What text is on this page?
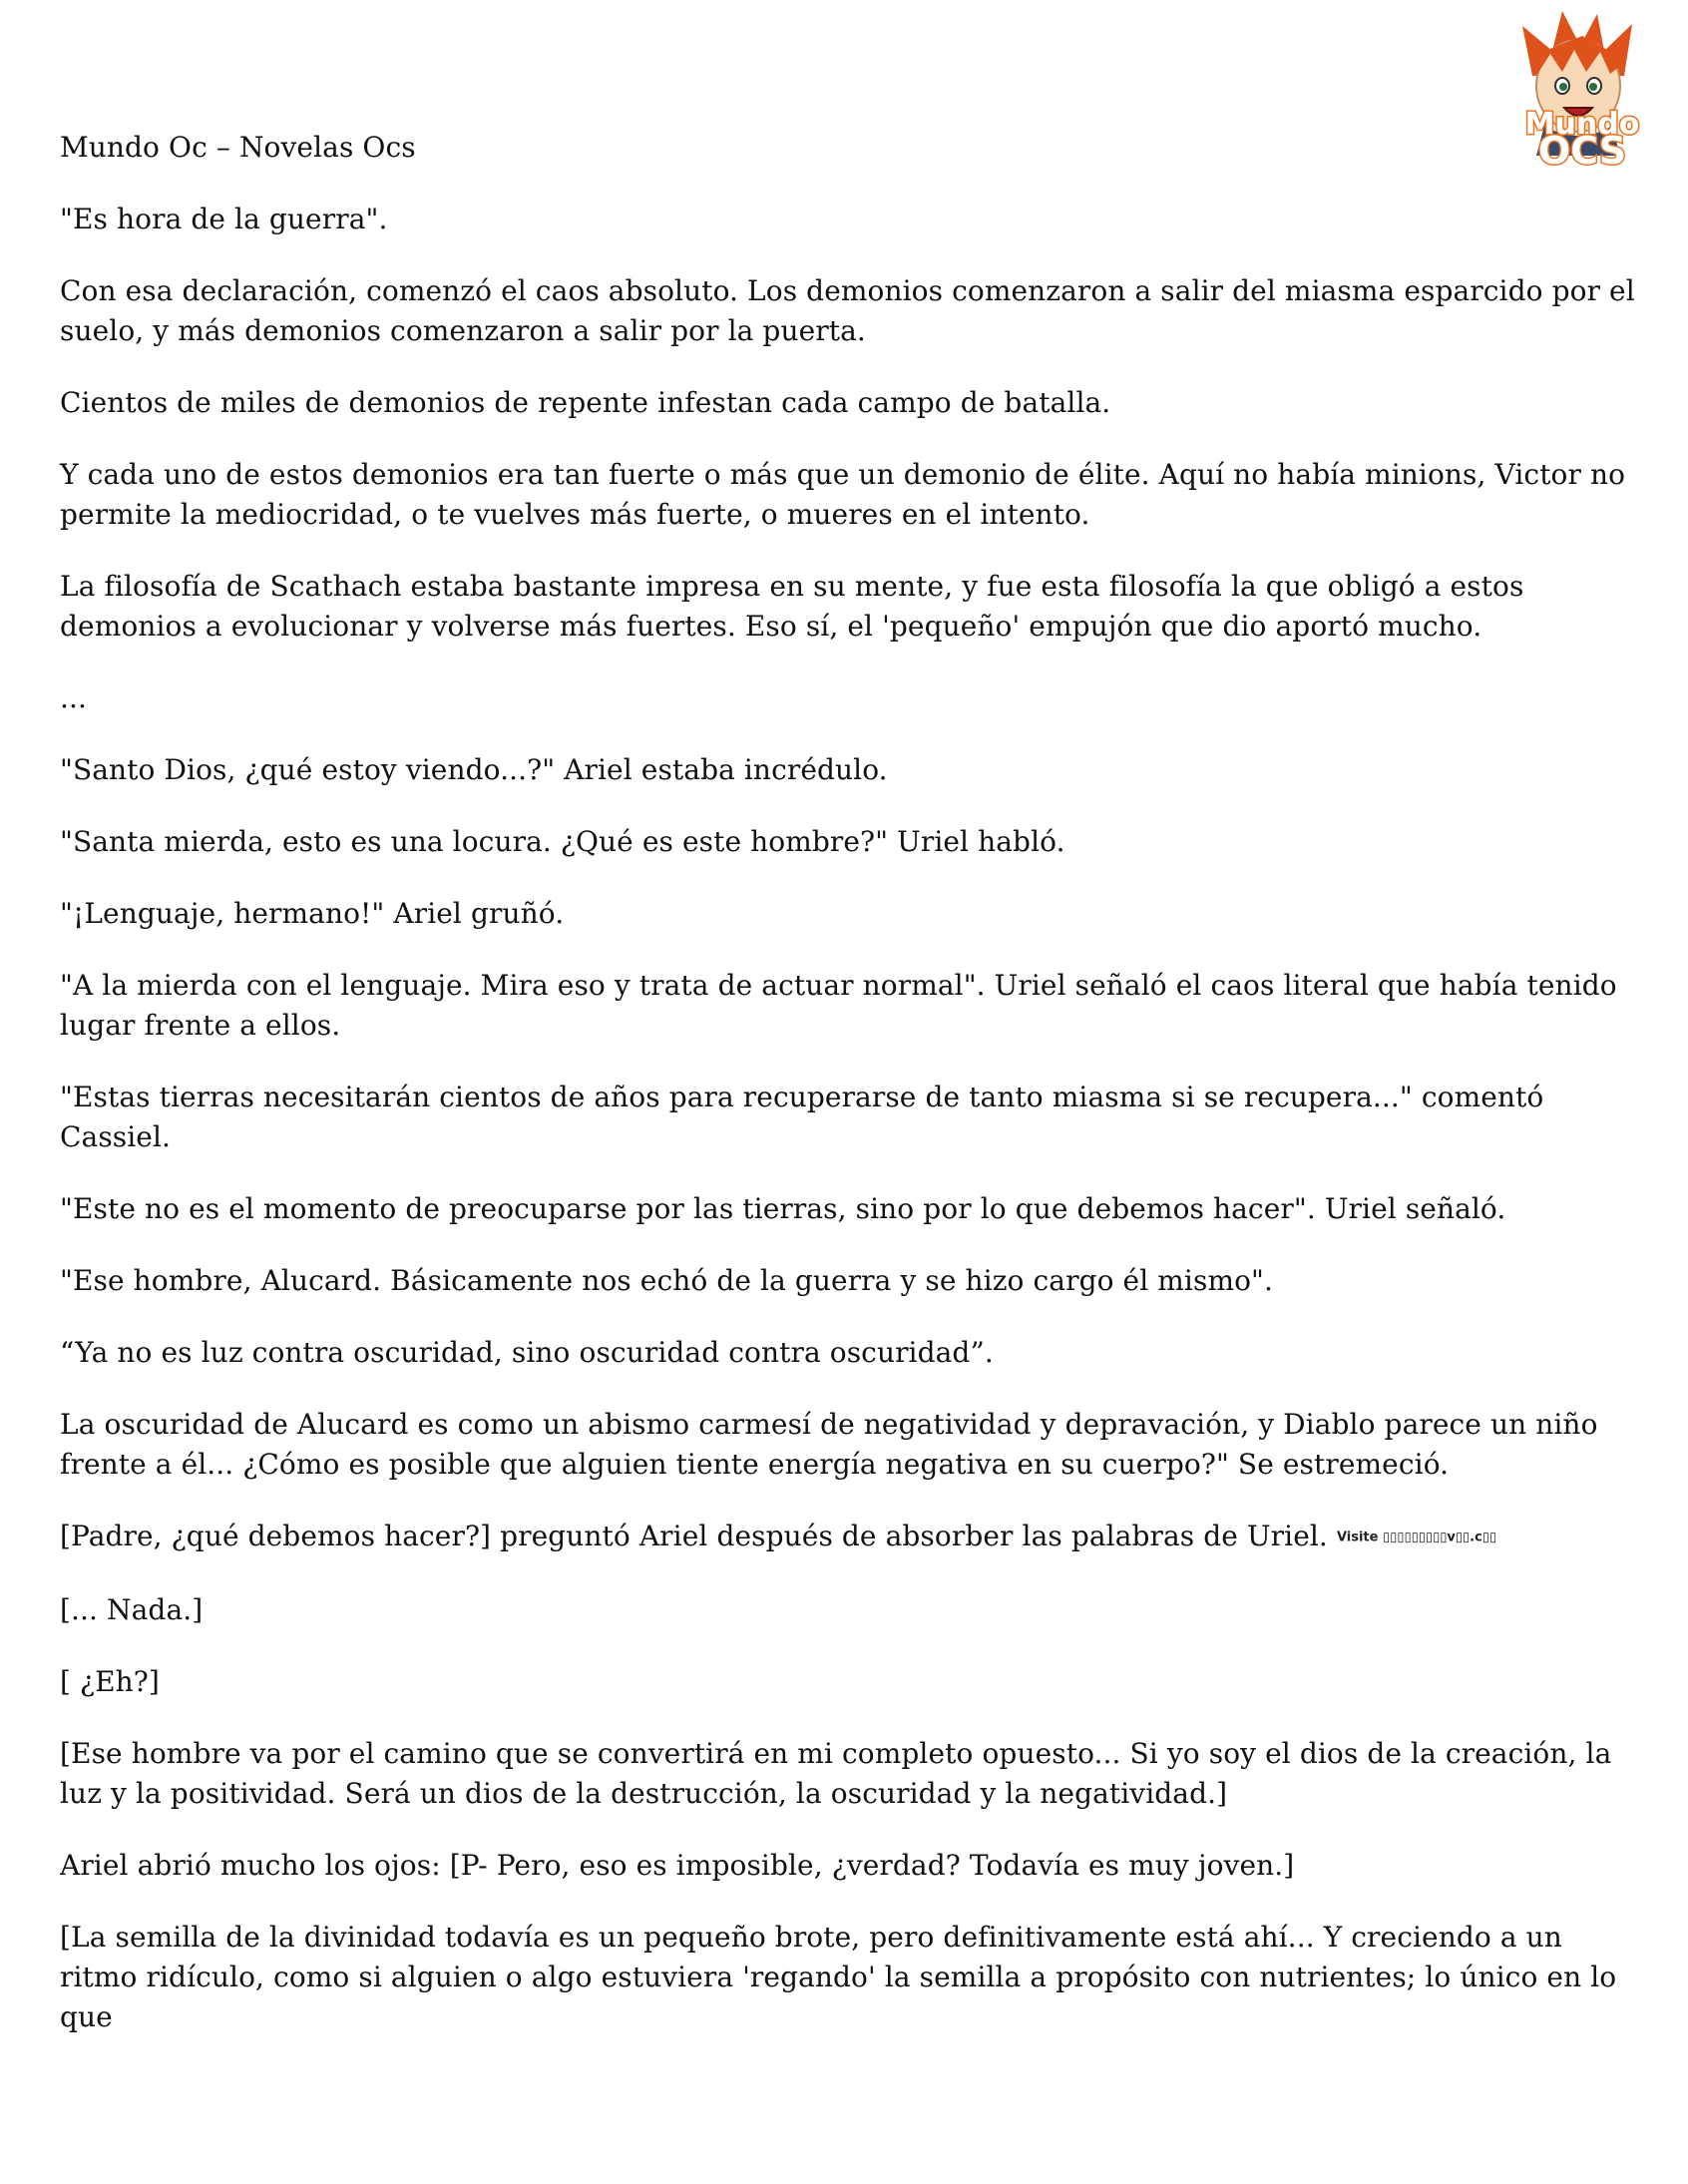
Mundo
OCS

Mundo Oc – Novelas Ocs

"Es hora de la guerra".

Con esa declaración, comenzó el caos absoluto. Los demonios comenzaron a salir del miasma esparcido por el suelo, y más demonios comenzaron a salir por la puerta.

Cientos de miles de demonios de repente infestan cada campo de batalla.

Y cada uno de estos demonios era tan fuerte o más que un demonio de élite. Aquí no había minions, Victor no permite la mediocridad, o te vuelves más fuerte, o mueres en el intento.

La filosofía de Scathach estaba bastante impresa en su mente, y fue esta filosofía la que obligó a estos demonios a evolucionar y volverse más fuertes. Eso sí, el 'pequeño' empujón que dio aportó mucho.

...

"Santo Dios, ¿qué estoy viendo...?" Ariel estaba incrédulo.

"Santa mierda, esto es una locura. ¿Qué es este hombre?" Uriel habló.

"¡Lenguaje, hermano!" Ariel gruñó.

"A la mierda con el lenguaje. Mira eso y trata de actuar normal". Uriel señaló el caos literal que había tenido lugar frente a ellos.

"Estas tierras necesitarán cientos de años para recuperarse de tanto miasma si se recupera..." comentó Cassiel.

"Este no es el momento de preocuparse por las tierras, sino por lo que debemos hacer". Uriel señaló.

"Ese hombre, Alucard. Básicamente nos echó de la guerra y se hizo cargo él mismo".

“Ya no es luz contra oscuridad, sino oscuridad contra oscuridad”.

La oscuridad de Alucard es como un abismo carmesí de negatividad y depravación, y Diablo parece un niño frente a él... ¿Cómo es posible que alguien tiente energía negativa en su cuerpo?" Se estremeció.

[Padre, ¿qué debemos hacer?] preguntó Ariel después de absorber las palabras de Uriel. Visite ▯▯▯▯▯▯▯▯▯v▯▯.c▯▯

[... Nada.]

[ ¿Eh?]

[Ese hombre va por el camino que se convertirá en mi completo opuesto... Si yo soy el dios de la creación, la luz y la positividad. Será un dios de la destrucción, la oscuridad y la negatividad.]

Ariel abrió mucho los ojos: [P- Pero, eso es imposible, ¿verdad? Todavía es muy joven.]

[La semilla de la divinidad todavía es un pequeño brote, pero definitivamente está ahí... Y creciendo a un ritmo ridículo, como si alguien o algo estuviera 'regando' la semilla a propósito con nutrientes; lo único en lo que
